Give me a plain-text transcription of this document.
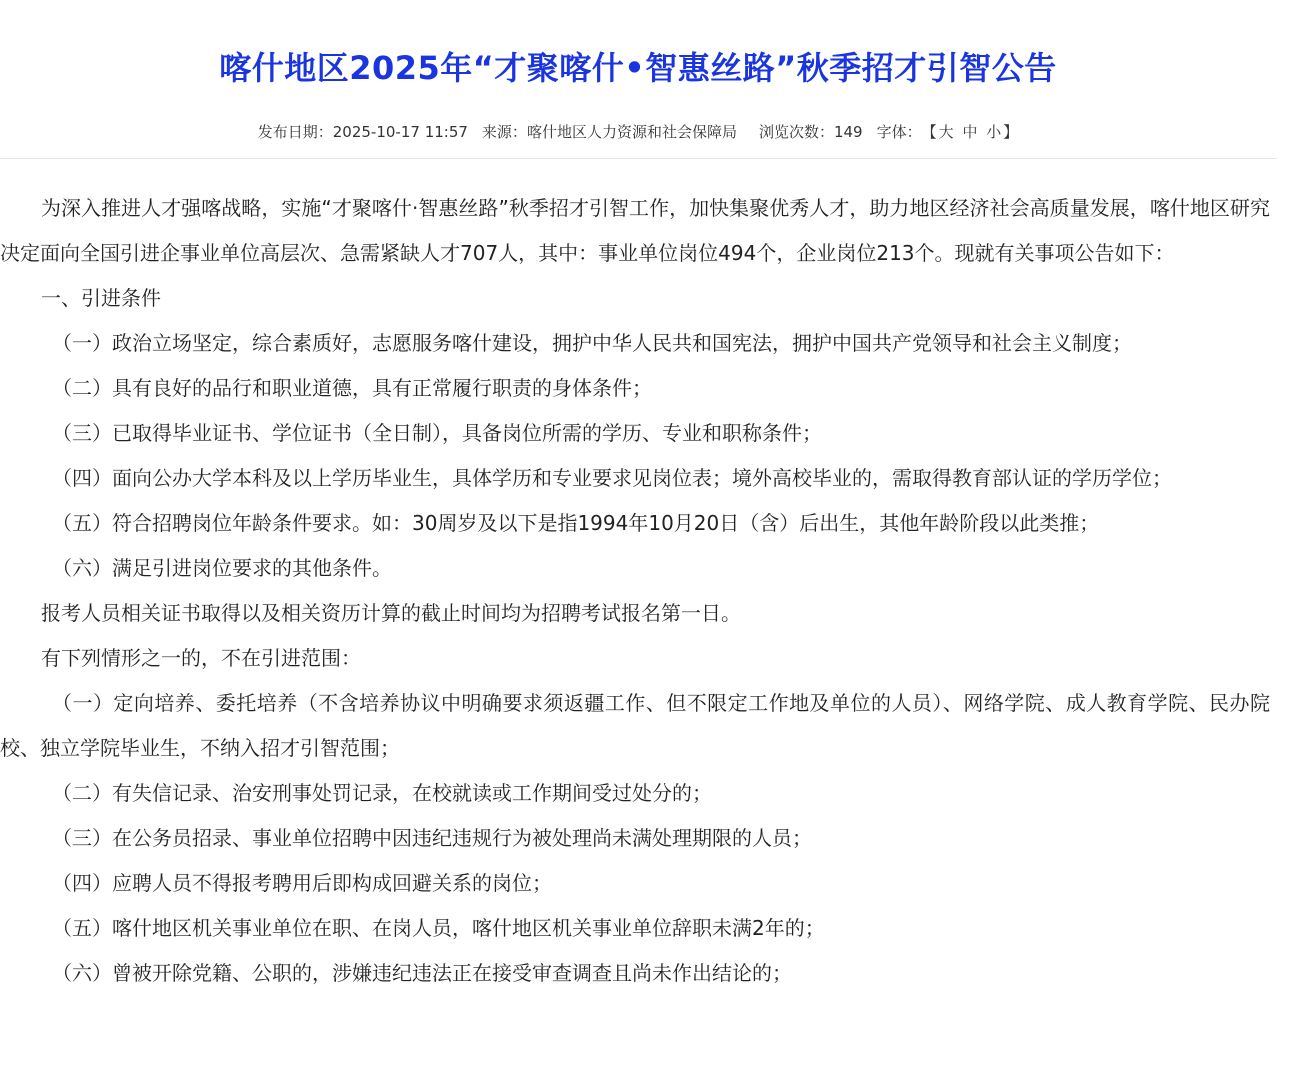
喀什地区2025年“才聚喀什•智惠丝路”秋季招才引智公告
发布日期：2025-10-17 11:57 来源：喀什地区人力资源和社会保障局 浏览次数：149 字体：【 大 中 小 】

为深入推进人才强喀战略，实施“才聚喀什·智惠丝路”秋季招才引智工作，加快集聚优秀人才，助力地区经济社会高质量发展，喀什地区研究决定面向全国引进企事业单位高层次、急需紧缺人才707人，其中：事业单位岗位494个，企业岗位213个。现就有关事项公告如下：

一、引进条件

（一）政治立场坚定，综合素质好，志愿服务喀什建设，拥护中华人民共和国宪法，拥护中国共产党领导和社会主义制度；

（二）具有良好的品行和职业道德，具有正常履行职责的身体条件；

（三）已取得毕业证书、学位证书（全日制），具备岗位所需的学历、专业和职称条件；

（四）面向公办大学本科及以上学历毕业生，具体学历和专业要求见岗位表；境外高校毕业的，需取得教育部认证的学历学位；

（五）符合招聘岗位年龄条件要求。如：30周岁及以下是指1994年10月20日（含）后出生，其他年龄阶段以此类推；

（六）满足引进岗位要求的其他条件。

报考人员相关证书取得以及相关资历计算的截止时间均为招聘考试报名第一日。

有下列情形之一的，不在引进范围：

（一）定向培养、委托培养（不含培养协议中明确要求须返疆工作、但不限定工作地及单位的人员）、网络学院、成人教育学院、民办院校、独立学院毕业生，不纳入招才引智范围；

（二）有失信记录、治安刑事处罚记录，在校就读或工作期间受过处分的；

（三）在公务员招录、事业单位招聘中因违纪违规行为被处理尚未满处理期限的人员；

（四）应聘人员不得报考聘用后即构成回避关系的岗位；

（五）喀什地区机关事业单位在职、在岗人员，喀什地区机关事业单位辞职未满2年的；

（六）曾被开除党籍、公职的，涉嫌违纪违法正在接受审查调查且尚未作出结论的；
